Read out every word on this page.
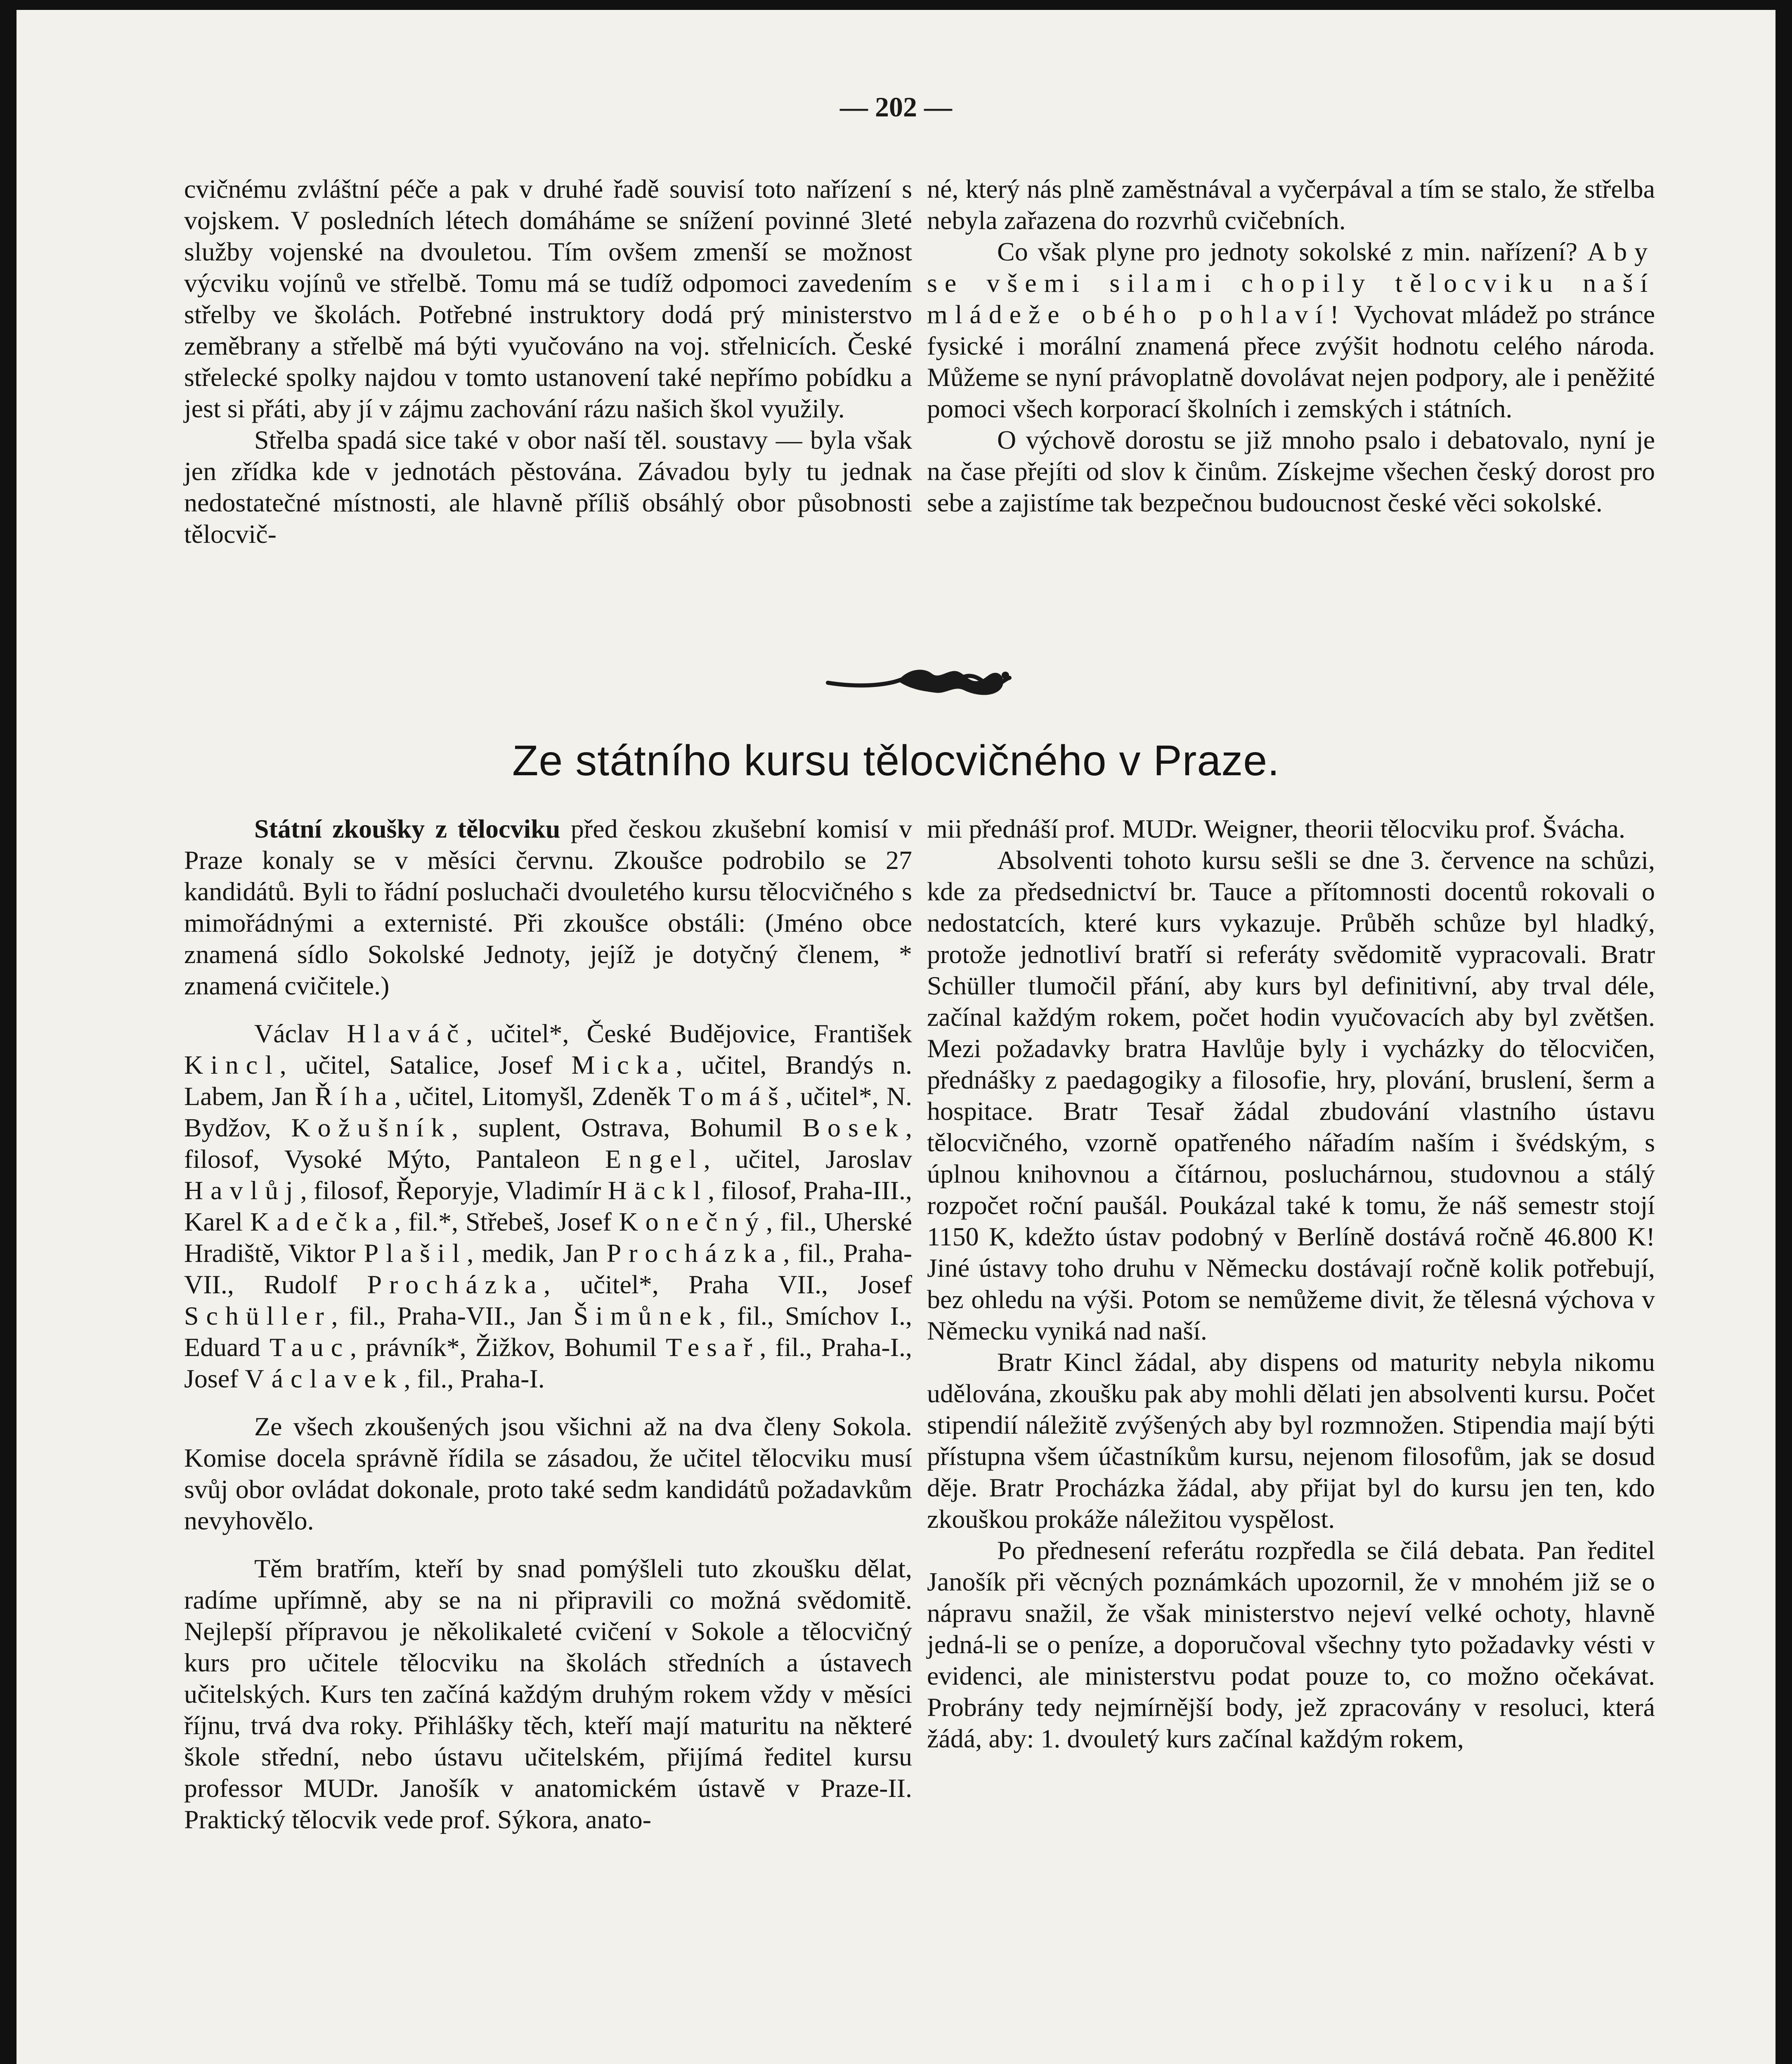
— 202 —

cvičnému zvláštní péče a pak v druhé řadě souvisí toto nařízení s vojskem. V posledních létech domáháme se snížení povinné 3leté služby vojenské na dvouletou. Tím ovšem zmenší se možnost výcviku vojínů ve střelbě. Tomu má se tudíž odpomoci zavedením střelby ve školách. Potřebné instruktory dodá prý ministerstvo zeměbrany a střelbě má býti vyučováno na voj. střelnicích. České střelecké spolky najdou v tomto ustanovení také nepřímo pobídku a jest si přáti, aby jí v zájmu zachování rázu našich škol využily.

Střelba spadá sice také v obor naší těl. soustavy — byla však jen zřídka kde v jednotách pěstována. Závadou byly tu jednak nedostatečné místnosti, ale hlavně příliš obsáhlý obor působnosti tělocvič-

né, který nás plně zaměstnával a vyčerpával a tím se stalo, že střelba nebyla zařazena do rozvrhů cvičebních.

Co však plyne pro jednoty sokolské z min. nařízení? Aby se všemi silami chopily tělocviku naší mládeže obého pohlaví! Vychovat mládež po stránce fysické i morální znamená přece zvýšit hodnotu celého národa. Můžeme se nyní právoplatně dovolávat nejen podpory, ale i peněžité pomoci všech korporací školních i zemských i státních.

O výchově dorostu se již mnoho psalo i debatovalo, nyní je na čase přejíti od slov k činům. Získejme všechen český dorost pro sebe a zajistíme tak bezpečnou budoucnost české věci sokolské.

Ze státního kursu tělocvičného v Praze.

Státní zkoušky z tělocviku před českou zkušební komisí v Praze konaly se v měsíci červnu. Zkoušce podrobilo se 27 kandidátů. Byli to řádní posluchači dvouletého kursu tělocvičného s mimořádnými a externisté. Při zkoušce obstáli: (Jméno obce znamená sídlo Sokolské Jednoty, jejíž je dotyčný členem, * znamená cvičitele.)

Václav Hlaváč, učitel*, České Budějovice, František Kincl, učitel, Satalice, Josef Micka, učitel, Brandýs n. Labem, Jan Říha, učitel, Litomyšl, Zdeněk Tomáš, učitel*, N. Bydžov, Kožušník, suplent, Ostrava, Bohumil Bosek, filosof, Vysoké Mýto, Pantaleon Engel, učitel, Jaroslav Havlůj, filosof, Řeporyje, Vladimír Häckl, filosof, Praha-III., Karel Kadečka, fil.*, Střebeš, Josef Konečný, fil., Uherské Hradiště, Viktor Plašil, medik, Jan Procházka, fil., Praha-VII., Rudolf Procházka, učitel*, Praha VII., Josef Schüller, fil., Praha-VII., Jan Šimůnek, fil., Smíchov I., Eduard Tauc, právník*, Žižkov, Bohumil Tesař, fil., Praha-I., Josef Václavek, fil., Praha-I.

Ze všech zkoušených jsou všichni až na dva členy Sokola. Komise docela správně řídila se zásadou, že učitel tělocviku musí svůj obor ovládat dokonale, proto také sedm kandidátů požadavkům nevyhovělo.

Těm bratřím, kteří by snad pomýšleli tuto zkoušku dělat, radíme upřímně, aby se na ni připravili co možná svědomitě. Nejlepší přípravou je několikaleté cvičení v Sokole a tělocvičný kurs pro učitele tělocviku na školách středních a ústavech učitelských. Kurs ten začíná každým druhým rokem vždy v měsíci říjnu, trvá dva roky. Přihlášky těch, kteří mají maturitu na některé škole střední, nebo ústavu učitelském, přijímá ředitel kursu professor MUDr. Janošík v anatomickém ústavě v Praze-II. Praktický tělocvik vede prof. Sýkora, anato-

mii přednáší prof. MUDr. Weigner, theorii tělocviku prof. Švácha.

Absolventi tohoto kursu sešli se dne 3. července na schůzi, kde za předsednictví br. Tauce a přítomnosti docentů rokovali o nedostatcích, které kurs vykazuje. Průběh schůze byl hladký, protože jednotliví bratří si referáty svědomitě vypracovali. Bratr Schüller tlumočil přání, aby kurs byl definitivní, aby trval déle, začínal každým rokem, počet hodin vyučovacích aby byl zvětšen. Mezi požadavky bratra Havlůje byly i vycházky do tělocvičen, přednášky z paedagogiky a filosofie, hry, plování, bruslení, šerm a hospitace. Bratr Tesař žádal zbudování vlastního ústavu tělocvičného, vzorně opatřeného nářadím naším i švédským, s úplnou knihovnou a čítárnou, posluchárnou, studovnou a stálý rozpočet roční paušál. Poukázal také k tomu, že náš semestr stojí 1150 K, kdežto ústav podobný v Berlíně dostává ročně 46.800 K! Jiné ústavy toho druhu v Německu dostávají ročně kolik potřebují, bez ohledu na výši. Potom se nemůžeme divit, že tělesná výchova v Německu vyniká nad naší.

Bratr Kincl žádal, aby dispens od maturity nebyla nikomu udělována, zkoušku pak aby mohli dělati jen absolventi kursu. Počet stipendií náležitě zvýšených aby byl rozmnožen. Stipendia mají býti přístupna všem účastníkům kursu, nejenom filosofům, jak se dosud děje. Bratr Procházka žádal, aby přijat byl do kursu jen ten, kdo zkouškou prokáže náležitou vyspělost.

Po přednesení referátu rozpředla se čilá debata. Pan ředitel Janošík při věcných poznámkách upozornil, že v mnohém již se o nápravu snažil, že však ministerstvo nejeví velké ochoty, hlavně jedná-li se o peníze, a doporučoval všechny tyto požadavky vésti v evidenci, ale ministerstvu podat pouze to, co možno očekávat. Probrány tedy nejmírnější body, jež zpracovány v resoluci, která žádá, aby: 1. dvouletý kurs začínal každým rokem,
